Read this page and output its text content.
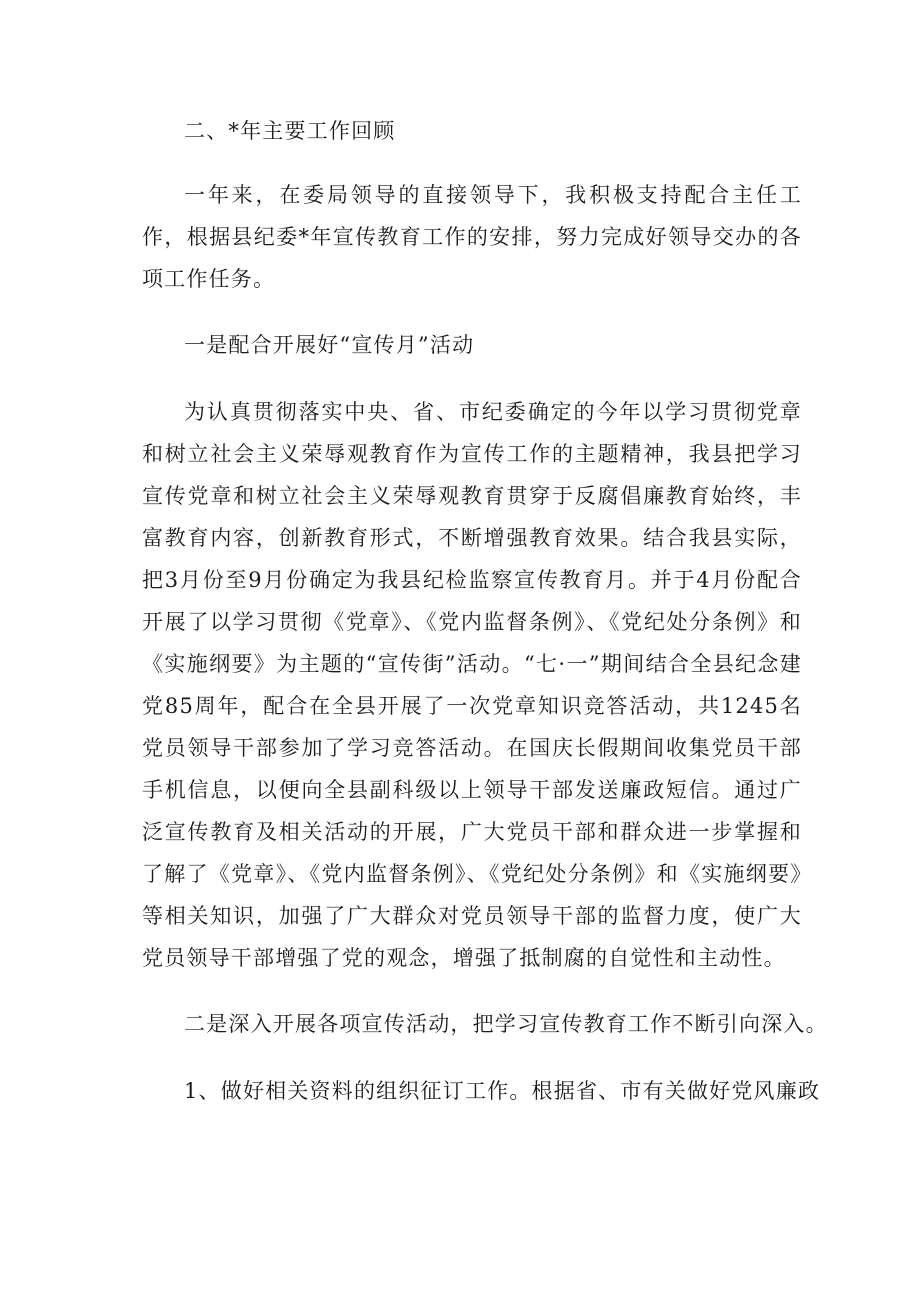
二、*年主要工作回顾

一年来，在委局领导的直接领导下，我积极支持配合主任工作，根据县纪委*年宣传教育工作的安排，努力完成好领导交办的各项工作任务。

一是配合开展好“宣传月”活动

为认真贯彻落实中央、省、市纪委确定的今年以学习贯彻党章和树立社会主义荣辱观教育作为宣传工作的主题精神，我县把学习宣传党章和树立社会主义荣辱观教育贯穿于反腐倡廉教育始终，丰富教育内容，创新教育形式，不断增强教育效果。结合我县实际，把3月份至9月份确定为我县纪检监察宣传教育月。并于4月份配合开展了以学习贯彻《党章》、《党内监督条例》、《党纪处分条例》和《实施纲要》为主题的“宣传街”活动。“七·一”期间结合全县纪念建党85周年，配合在全县开展了一次党章知识竞答活动，共1245名党员领导干部参加了学习竞答活动。在国庆长假期间收集党员干部手机信息，以便向全县副科级以上领导干部发送廉政短信。通过广泛宣传教育及相关活动的开展，广大党员干部和群众进一步掌握和了解了《党章》、《党内监督条例》、《党纪处分条例》和《实施纲要》等相关知识，加强了广大群众对党员领导干部的监督力度，使广大党员领导干部增强了党的观念，增强了抵制腐的自觉性和主动性。

二是深入开展各项宣传活动，把学习宣传教育工作不断引向深入。

1、做好相关资料的组织征订工作。根据省、市有关做好党风廉政
